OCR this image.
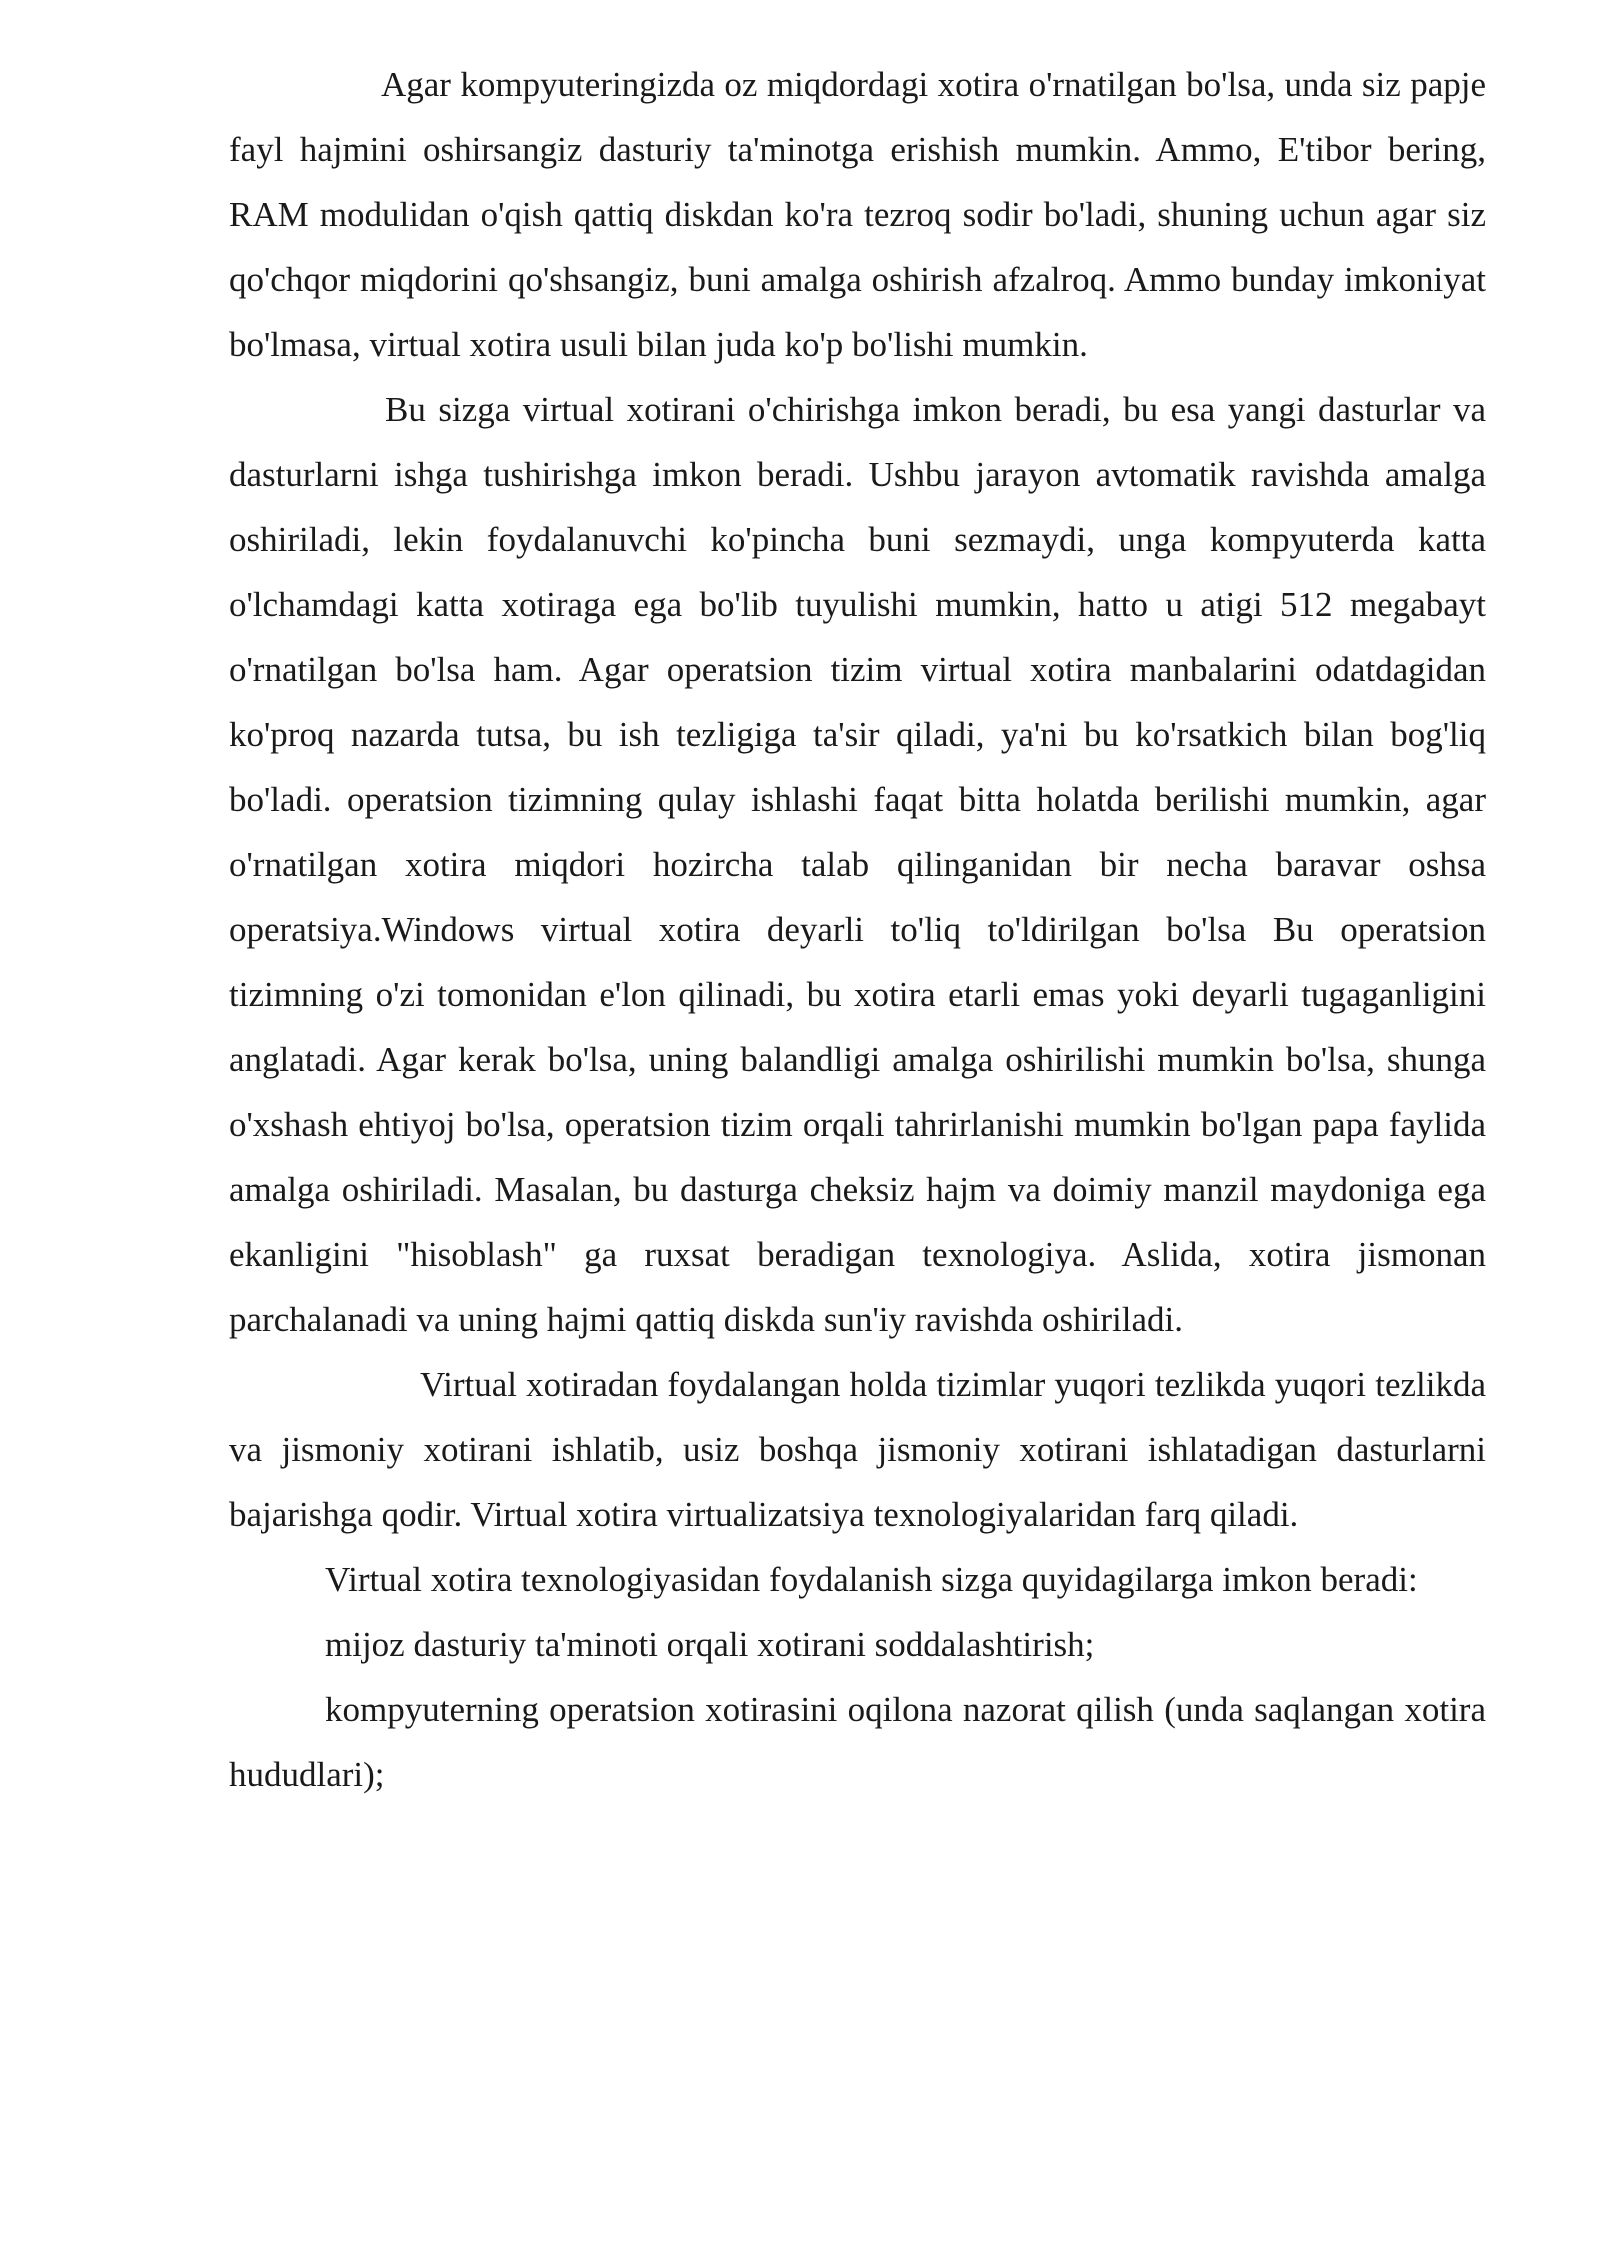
Agar kompyuteringizda oz miqdordagi xotira o'rnatilgan bo'lsa, unda siz papje fayl hajmini oshirsangiz dasturiy ta'minotga erishish mumkin. Ammo, E'tibor bering, RAM modulidan o'qish qattiq diskdan ko'ra tezroq sodir bo'ladi, shuning uchun agar siz qo'chqor miqdorini qo'shsangiz, buni amalga oshirish afzalroq. Ammo bunday imkoniyat bo'lmasa, virtual xotira usuli bilan juda ko'p bo'lishi mumkin.

Bu sizga virtual xotirani o'chirishga imkon beradi, bu esa yangi dasturlar va dasturlarni ishga tushirishga imkon beradi. Ushbu jarayon avtomatik ravishda amalga oshiriladi, lekin foydalanuvchi ko'pincha buni sezmaydi, unga kompyuterda katta o'lchamdagi katta xotiraga ega bo'lib tuyulishi mumkin, hatto u atigi 512 megabayt o'rnatilgan bo'lsa ham. Agar operatsion tizim virtual xotira manbalarini odatdagidan ko'proq nazarda tutsa, bu ish tezligiga ta'sir qiladi, ya'ni bu ko'rsatkich bilan bog'liq bo'ladi. operatsion tizimning qulay ishlashi faqat bitta holatda berilishi mumkin, agar o'rnatilgan xotira miqdori hozircha talab qilinganidan bir necha baravar oshsa operatsiya.Windows virtual xotira deyarli to'liq to'ldirilgan bo'lsa Bu operatsion tizimning o'zi tomonidan e'lon qilinadi, bu xotira etarli emas yoki deyarli tugaganligini anglatadi. Agar kerak bo'lsa, uning balandligi amalga oshirilishi mumkin bo'lsa, shunga o'xshash ehtiyoj bo'lsa, operatsion tizim orqali tahrirlanishi mumkin bo'lgan papa faylida amalga oshiriladi. Masalan, bu dasturga cheksiz hajm va doimiy manzil maydoniga ega ekanligini "hisoblash" ga ruxsat beradigan texnologiya. Aslida, xotira jismonan parchalanadi va uning hajmi qattiq diskda sun'iy ravishda oshiriladi.

Virtual xotiradan foydalangan holda tizimlar yuqori tezlikda yuqori tezlikda va jismoniy xotirani ishlatib, usiz boshqa jismoniy xotirani ishlatadigan dasturlarni bajarishga qodir. Virtual xotira virtualizatsiya texnologiyalaridan farq qiladi.

Virtual xotira texnologiyasidan foydalanish sizga quyidagilarga imkon beradi:

mijoz dasturiy ta'minoti orqali xotirani soddalashtirish;

kompyuterning operatsion xotirasini oqilona nazorat qilish (unda saqlangan xotira hududlari);
